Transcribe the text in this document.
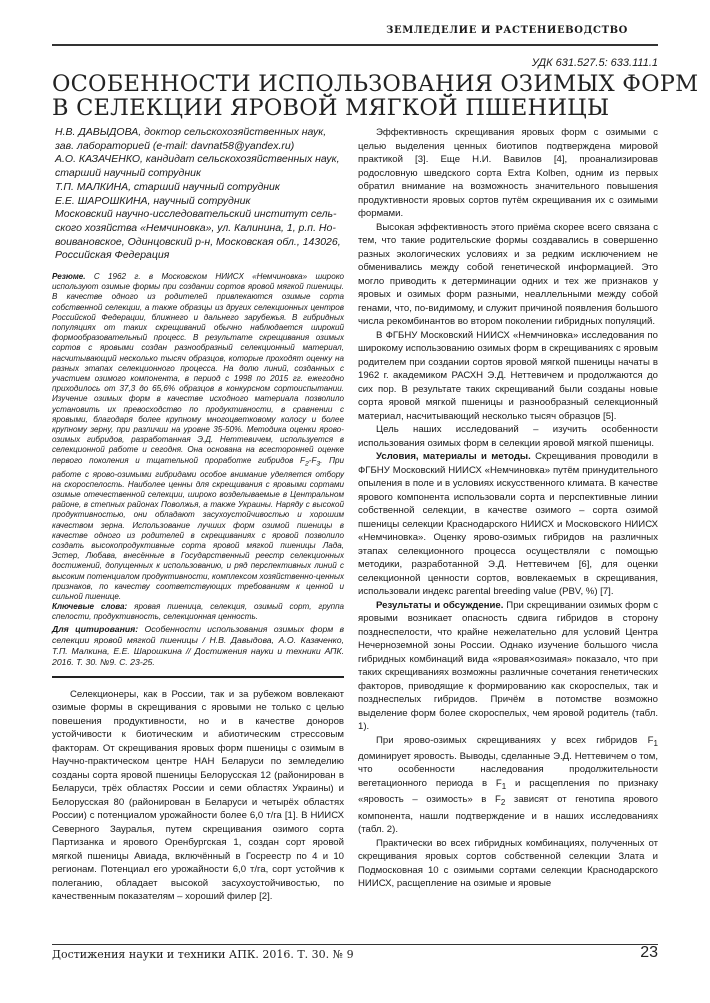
ЗЕМЛЕДЕЛИЕ И РАСТЕНИЕВОДСТВО
УДК 631.527.5: 633.111.1
ОСОБЕННОСТИ ИСПОЛЬЗОВАНИЯ ОЗИМЫХ ФОРМ
В СЕЛЕКЦИИ ЯРОВОЙ МЯГКОЙ ПШЕНИЦЫ
Н.В. ДАВЫДОВА, доктор сельскохозяйственных наук,
зав. лабораторией (e-mail: davnat58@yandex.ru)
А.О. КАЗАЧЕНКО, кандидат сельскохозяйственных наук,
старший научный сотрудник
Т.П. МАЛКИНА, старший научный сотрудник
Е.Е. ШАРОШКИНА, научный сотрудник
Московский научно-исследовательский институт сель-
ского хозяйства «Немчиновка», ул. Калинина, 1, р.п. Но-
воивановское, Одинцовский р-н, Московская обл., 143026,
Российская Федерация
Резюме. С 1962 г. в Московском НИИСХ «Немчиновка» широко используют озимые формы при создании сортов яровой мягкой пшеницы. В качестве одного из родителей привлекаются озимые сорта собственной селекции, а также образцы из других селекционных центров Российской Федерации, ближнего и дальнего зарубежья. В гибридных популяциях от таких скрещиваний обычно наблюдается широкий формообразовательный процесс. В результате скрещивания озимых сортов с яровыми создан разнообразный селекционный материал, насчитывающий несколько тысяч образцов, которые проходят оценку на разных этапах селекционного процесса. На долю линий, созданных с участием озимого компонента, в период с 1998 по 2015 гг. ежегодно приходилось от 37,3 до 65,6% образцов в конкурсном сортоиспытании. Изучение озимых форм в качестве исходного материала позволило установить их превосходство по продуктивности, в сравнении с яровыми, благодаря более крупному многоцветковому колосу и более крупному зерну, при различии на уровне 35-50%. Методика оценки ярово-озимых гибридов, разработанная Э.Д. Неттевичем, используется в селекционной работе и сегодня. Она основана на всесторонней оценке первого поколения и тщательной проработке гибридов $F_2-F_3$. При работе с ярово-озимыми гибридами особое внимание уделяется отбору на скороспелость. Наиболее ценны для скрещивания с яровыми сортами озимые отечественной селекции, широко возделываемые в Центральном районе, в степных районах Поволжья, а также Украины. Наряду с высокой продуктивностью, они обладают засухоустойчивостью и хорошим качеством зерна. Использование лучших форм озимой пшеницы в качестве одного из родителей в скрещиваниях с яровой позволило создать высокопродуктивные сорта яровой мягкой пшеницы Лада, Эстер, Любава, внесённые в Государственный реестр селекционных достижений, допущенных к использованию, и ряд перспективных линий с высоким потенциалом продуктивности, комплексом хозяйственно-ценных признаков, по качеству соответствующих требованиям к ценной и сильной пшенице.
Ключевые слова: яровая пшеница, селекция, озимый сорт, группа спелости, продуктивность, селекционная ценность.
Для цитирования: Особенности использования озимых форм в селекции яровой мягкой пшеницы / Н.В. Давыдова, А.О. Казаченко, Т.П. Малкина, Е.Е. Шарошкина // Достижения науки и техники АПК. 2016. Т. 30. №9. С. 23-25.

Селекционеры, как в России, так и за рубежом вовлекают озимые формы в скрещивания с яровыми не только с целью повешения продуктивности, но и в качестве доноров устойчивости к биотическим и абиотическим стрессовым факторам. От скрещивания яровых форм пшеницы с озимым в Научно-практическом центре НАН Беларуси по земледелию созданы сорта яровой пшеницы Белорусская 12 (районирован в Беларуси, трёх областях России и семи областях Украины) и Белорусская 80 (районирован в Беларуси и четырёх областях России) с потенциалом урожайности более 6,0 т/га [1]. В НИИСХ Северного Зауралья, путем скрещивания озимого сорта Партизанка и ярового Оренбургская 1, создан сорт яровой мягкой пшеницы Авиада, включённый в Госреестр по 4 и 10 регионам. Потенциал его урожайности 6,0 т/га, сорт устойчив к полеганию, обладает высокой засухоустойчивостью, по качественным показателям – хороший филер [2].

Эффективность скрещивания яровых форм с озимыми с целью выделения ценных биотипов подтверждена мировой практикой [3]. Еще Н.И. Вавилов [4], проанализировав родословную шведского сорта Extra Kolben, одним из первых обратил внимание на возможность значительного повышения продуктивности яровых сортов путём скрещивания их с озимыми формами.

Высокая эффективность этого приёма скорее всего связана с тем, что такие родительские формы создавались в совершенно разных экологических условиях и за редким исключением не обменивались между собой генетической информацией. Это могло приводить к детерминации одних и тех же признаков у яровых и озимых форм разными, неаллельными между собой генами, что, по-видимому, и служит причиной появления большого числа рекомбинантов во втором поколении гибридных популяций.

В ФГБНУ Московский НИИСХ «Немчиновка» исследования по широкому использованию озимых форм в скрещиваниях с яровым родителем при создании сортов яровой мягкой пшеницы начаты в 1962 г. академиком РАСХН Э.Д. Неттевичем и продолжаются до сих пор. В результате таких скрещиваний были созданы новые сорта яровой мягкой пшеницы и разнообразный селекционный материал, насчитывающий несколько тысяч образцов [5].

Цель наших исследований – изучить особенности использования озимых форм в селекции яровой мягкой пшеницы.

Условия, материалы и методы. Скрещивания проводили в ФГБНУ Московский НИИСХ «Немчиновка» путём принудительного опыления в поле и в условиях искусственного климата. В качестве ярового компонента использовали сорта и перспективные линии собственной селекции, в качестве озимого – сорта озимой пшеницы селекции Краснодарского НИИСХ и Московского НИИСХ «Немчиновка». Оценку ярово-озимых гибридов на различных этапах селекционного процесса осуществляли с помощью методики, разработанной Э.Д. Неттевичем [6], для оценки селекционной ценности сортов, вовлекаемых в скрещивания, использовали индекс parental breeding value (PBV, %) [7].

Результаты и обсуждение. При скрещивании озимых форм с яровыми возникает опасность сдвига гибридов в сторону позднеспелости, что крайне нежелательно для условий Центра Нечерноземной зоны России. Однако изучение большого числа гибридных комбинаций вида «яровая×озимая» показало, что при таких скрещиваниях возможны различные сочетания генетических факторов, приводящие к формированию как скороспелых, так и позднеспелых гибридов. Причём в потомстве возможно выделение форм более скороспелых, чем яровой родитель (табл. 1).

При ярово-озимых скрещиваниях у всех гибридов $F_1$ доминирует яровость. Выводы, сделанные Э.Д. Неттевичем о том, что особенности наследования продолжительности вегетационного периода в $F_1$ и расщепления по признаку «яровость – озимость» в $F_2$ зависят от генотипа ярового компонента, нашли подтверждение и в наших исследованиях (табл. 2).

Практически во всех гибридных комбинациях, полученных от скрещивания яровых сортов собственной селекции Злата и Подмосковная 10 с озимыми сортами селекции Краснодарского НИИСХ, расщепление на озимые и яровые

Достижения науки и техники АПК. 2016. Т. 30. № 9	23
